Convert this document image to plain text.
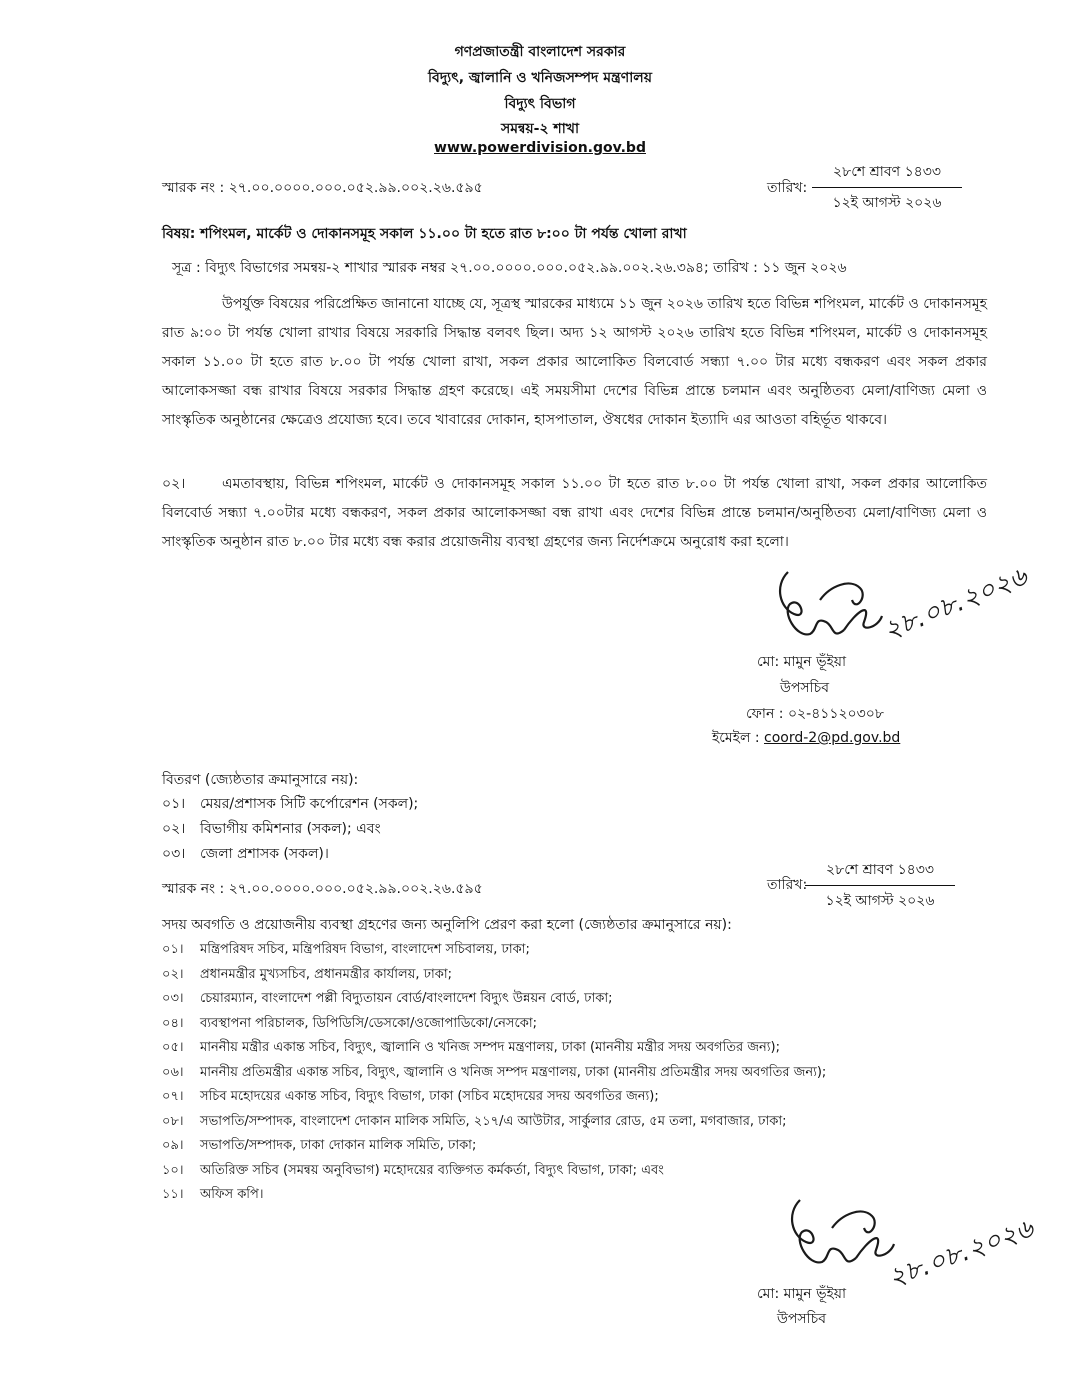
গণপ্রজাতন্ত্রী বাংলাদেশ সরকার
বিদ্যুৎ, জ্বালানি ও খনিজসম্পদ মন্ত্রণালয়
বিদ্যুৎ বিভাগ
সমন্বয়-২ শাখা
www.powerdivision.gov.bd
স্মারক নং : ২৭.০০.০০০০.০০০.০৫২.৯৯.০০২.২৬.৫৯৫	তারিখ:
২৮শে শ্রাবণ ১৪৩৩
১২ই আগস্ট ২০২৬
বিষয়: শপিংমল, মার্কেট ও দোকানসমূহ সকাল ১১.০০ টা হতে রাত ৮:০০ টা পর্যন্ত খোলা রাখা
সূত্র : বিদ্যুৎ বিভাগের সমন্বয়-২ শাখার স্মারক নম্বর ২৭.০০.০০০০.০০০.০৫২.৯৯.০০২.২৬.৩৯৪; তারিখ : ১১ জুন ২০২৬
উপর্যুক্ত বিষয়ের পরিপ্রেক্ষিত জানানো যাচ্ছে যে, সূত্রস্থ স্মারকের মাধ্যমে ১১ জুন ২০২৬ তারিখ হতে বিভিন্ন শপিংমল, মার্কেট ও দোকানসমূহ রাত ৯:০০ টা পর্যন্ত খোলা রাখার বিষয়ে সরকারি সিদ্ধান্ত বলবৎ ছিল। অদ্য ১২ আগস্ট ২০২৬ তারিখ হতে বিভিন্ন শপিংমল, মার্কেট ও দোকানসমূহ সকাল ১১.০০ টা হতে রাত ৮.০০ টা পর্যন্ত খোলা রাখা, সকল প্রকার আলোকিত বিলবোর্ড সন্ধ্যা ৭.০০ টার মধ্যে বন্ধকরণ এবং সকল প্রকার আলোকসজ্জা বন্ধ রাখার বিষয়ে সরকার সিদ্ধান্ত গ্রহণ করেছে। এই সময়সীমা দেশের বিভিন্ন প্রান্তে চলমান এবং অনুষ্ঠিতব্য মেলা/বাণিজ্য মেলা ও সাংস্কৃতিক অনুষ্ঠানের ক্ষেত্রেও প্রযোজ্য হবে। তবে খাবারের দোকান, হাসপাতাল, ঔষধের দোকান ইত্যাদি এর আওতা বহির্ভূত থাকবে।
০২।	এমতাবস্থায়, বিভিন্ন শপিংমল, মার্কেট ও দোকানসমূহ সকাল ১১.০০ টা হতে রাত ৮.০০ টা পর্যন্ত খোলা রাখা, সকল প্রকার আলোকিত বিলবোর্ড সন্ধ্যা ৭.০০টার মধ্যে বন্ধকরণ, সকল প্রকার আলোকসজ্জা বন্ধ রাখা এবং দেশের বিভিন্ন প্রান্তে চলমান/অনুষ্ঠিতব্য মেলা/বাণিজ্য মেলা ও সাংস্কৃতিক অনুষ্ঠান রাত ৮.০০ টার মধ্যে বন্ধ করার প্রয়োজনীয় ব্যবস্থা গ্রহণের জন্য নির্দেশক্রমে অনুরোধ করা হলো।
২৮.০৮.২০২৬
মো: মামুন ভূঁইয়া
উপসচিব
ফোন : ০২-৪১১২০৩০৮
ইমেইল : coord-2@pd.gov.bd
বিতরণ (জ্যেষ্ঠতার ক্রমানুসারে নয়):
০১।	মেয়র/প্রশাসক সিটি কর্পোরেশন (সকল);
০২।	বিভাগীয় কমিশনার (সকল); এবং
০৩।	জেলা প্রশাসক (সকল)।
স্মারক নং : ২৭.০০.০০০০.০০০.০৫২.৯৯.০০২.২৬.৫৯৫	তারিখ:
২৮শে শ্রাবণ ১৪৩৩
১২ই আগস্ট ২০২৬
সদয় অবগতি ও প্রয়োজনীয় ব্যবস্থা গ্রহণের জন্য অনুলিপি প্রেরণ করা হলো (জ্যেষ্ঠতার ক্রমানুসারে নয়):
০১।	মন্ত্রিপরিষদ সচিব, মন্ত্রিপরিষদ বিভাগ, বাংলাদেশ সচিবালয়, ঢাকা;
০২।	প্রধানমন্ত্রীর মুখ্যসচিব, প্রধানমন্ত্রীর কার্যালয়, ঢাকা;
০৩।	চেয়ারম্যান, বাংলাদেশ পল্লী বিদ্যুতায়ন বোর্ড/বাংলাদেশ বিদ্যুৎ উন্নয়ন বোর্ড, ঢাকা;
০৪।	ব্যবস্থাপনা পরিচালক, ডিপিডিসি/ডেসকো/ওজোপাডিকো/নেসকো;
০৫।	মাননীয় মন্ত্রীর একান্ত সচিব, বিদ্যুৎ, জ্বালানি ও খনিজ সম্পদ মন্ত্রণালয়, ঢাকা (মাননীয় মন্ত্রীর সদয় অবগতির জন্য);
০৬।	মাননীয় প্রতিমন্ত্রীর একান্ত সচিব, বিদ্যুৎ, জ্বালানি ও খনিজ সম্পদ মন্ত্রণালয়, ঢাকা (মাননীয় প্রতিমন্ত্রীর সদয় অবগতির জন্য);
০৭।	সচিব মহোদয়ের একান্ত সচিব, বিদ্যুৎ বিভাগ, ঢাকা (সচিব মহোদয়ের সদয় অবগতির জন্য);
০৮।	সভাপতি/সম্পাদক, বাংলাদেশ দোকান মালিক সমিতি, ২১৭/এ আউটার, সার্কুলার রোড, ৫ম তলা, মগবাজার, ঢাকা;
০৯।	সভাপতি/সম্পাদক, ঢাকা দোকান মালিক সমিতি, ঢাকা;
১০।	অতিরিক্ত সচিব (সমন্বয় অনুবিভাগ) মহোদয়ের ব্যক্তিগত কর্মকর্তা, বিদ্যুৎ বিভাগ, ঢাকা; এবং
১১।	অফিস কপি।
২৮.০৮.২০২৬
মো: মামুন ভূঁইয়া
উপসচিব
